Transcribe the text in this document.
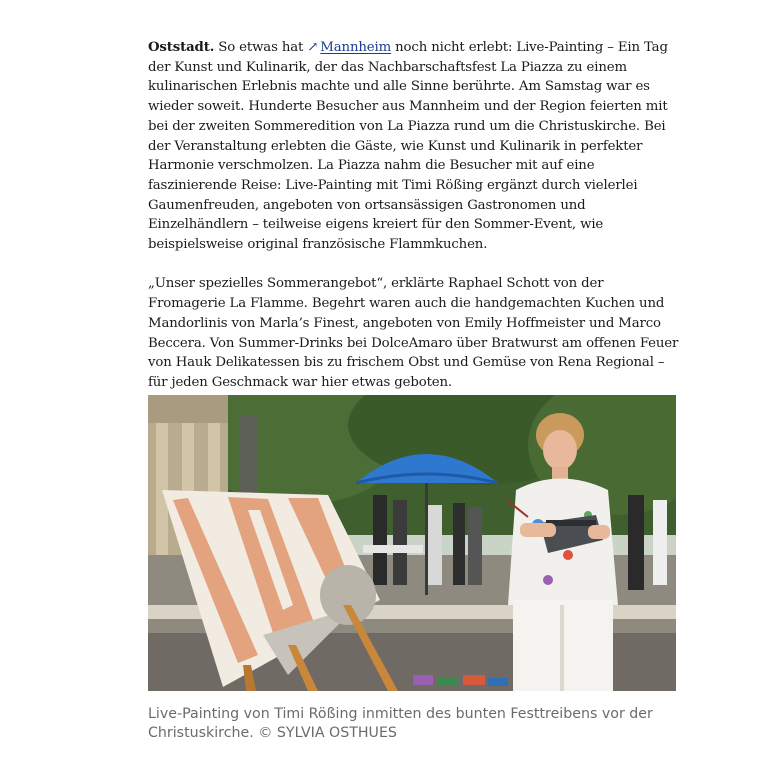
Oststadt. So etwas hat ↗ Mannheim noch nicht erlebt: Live-Painting – Ein Tag der Kunst und Kulinarik, der das Nachbarschaftsfest La Piazza zu einem kulinarischen Erlebnis machte und alle Sinne berührte. Am Samstag war es wieder soweit. Hunderte Besucher aus Mannheim und der Region feierten mit bei der zweiten Sommeredition von La Piazza rund um die Christuskirche. Bei der Veranstaltung erlebten die Gäste, wie Kunst und Kulinarik in perfekter Harmonie verschmolzen. La Piazza nahm die Besucher mit auf eine faszinierende Reise: Live-Painting mit Timi Rößing ergänzt durch vielerlei Gaumenfreuden, angeboten von ortsansässigen Gastronomen und Einzelhändlern – teilweise eigens kreiert für den Sommer-Event, wie beispielsweise original französische Flammkuchen.

„Unser spezielles Sommerangebot“, erklärte Raphael Schott von der Fromagerie La Flamme. Begehrt waren auch die handgemachten Kuchen und Mandorlinis von Marla’s Finest, angeboten von Emily Hoffmeister und Marco Beccera. Von Summer-Drinks bei DolceAmaro über Bratwurst am offenen Feuer von Hauk Delikatessen bis zu frischem Obst und Gemüse von Rena Regional – für jeden Geschmack war hier etwas geboten.

Live-Painting von Timi Rößing inmitten des bunten Festtreibens vor der Christuskirche. © SYLVIA OSTHUES
